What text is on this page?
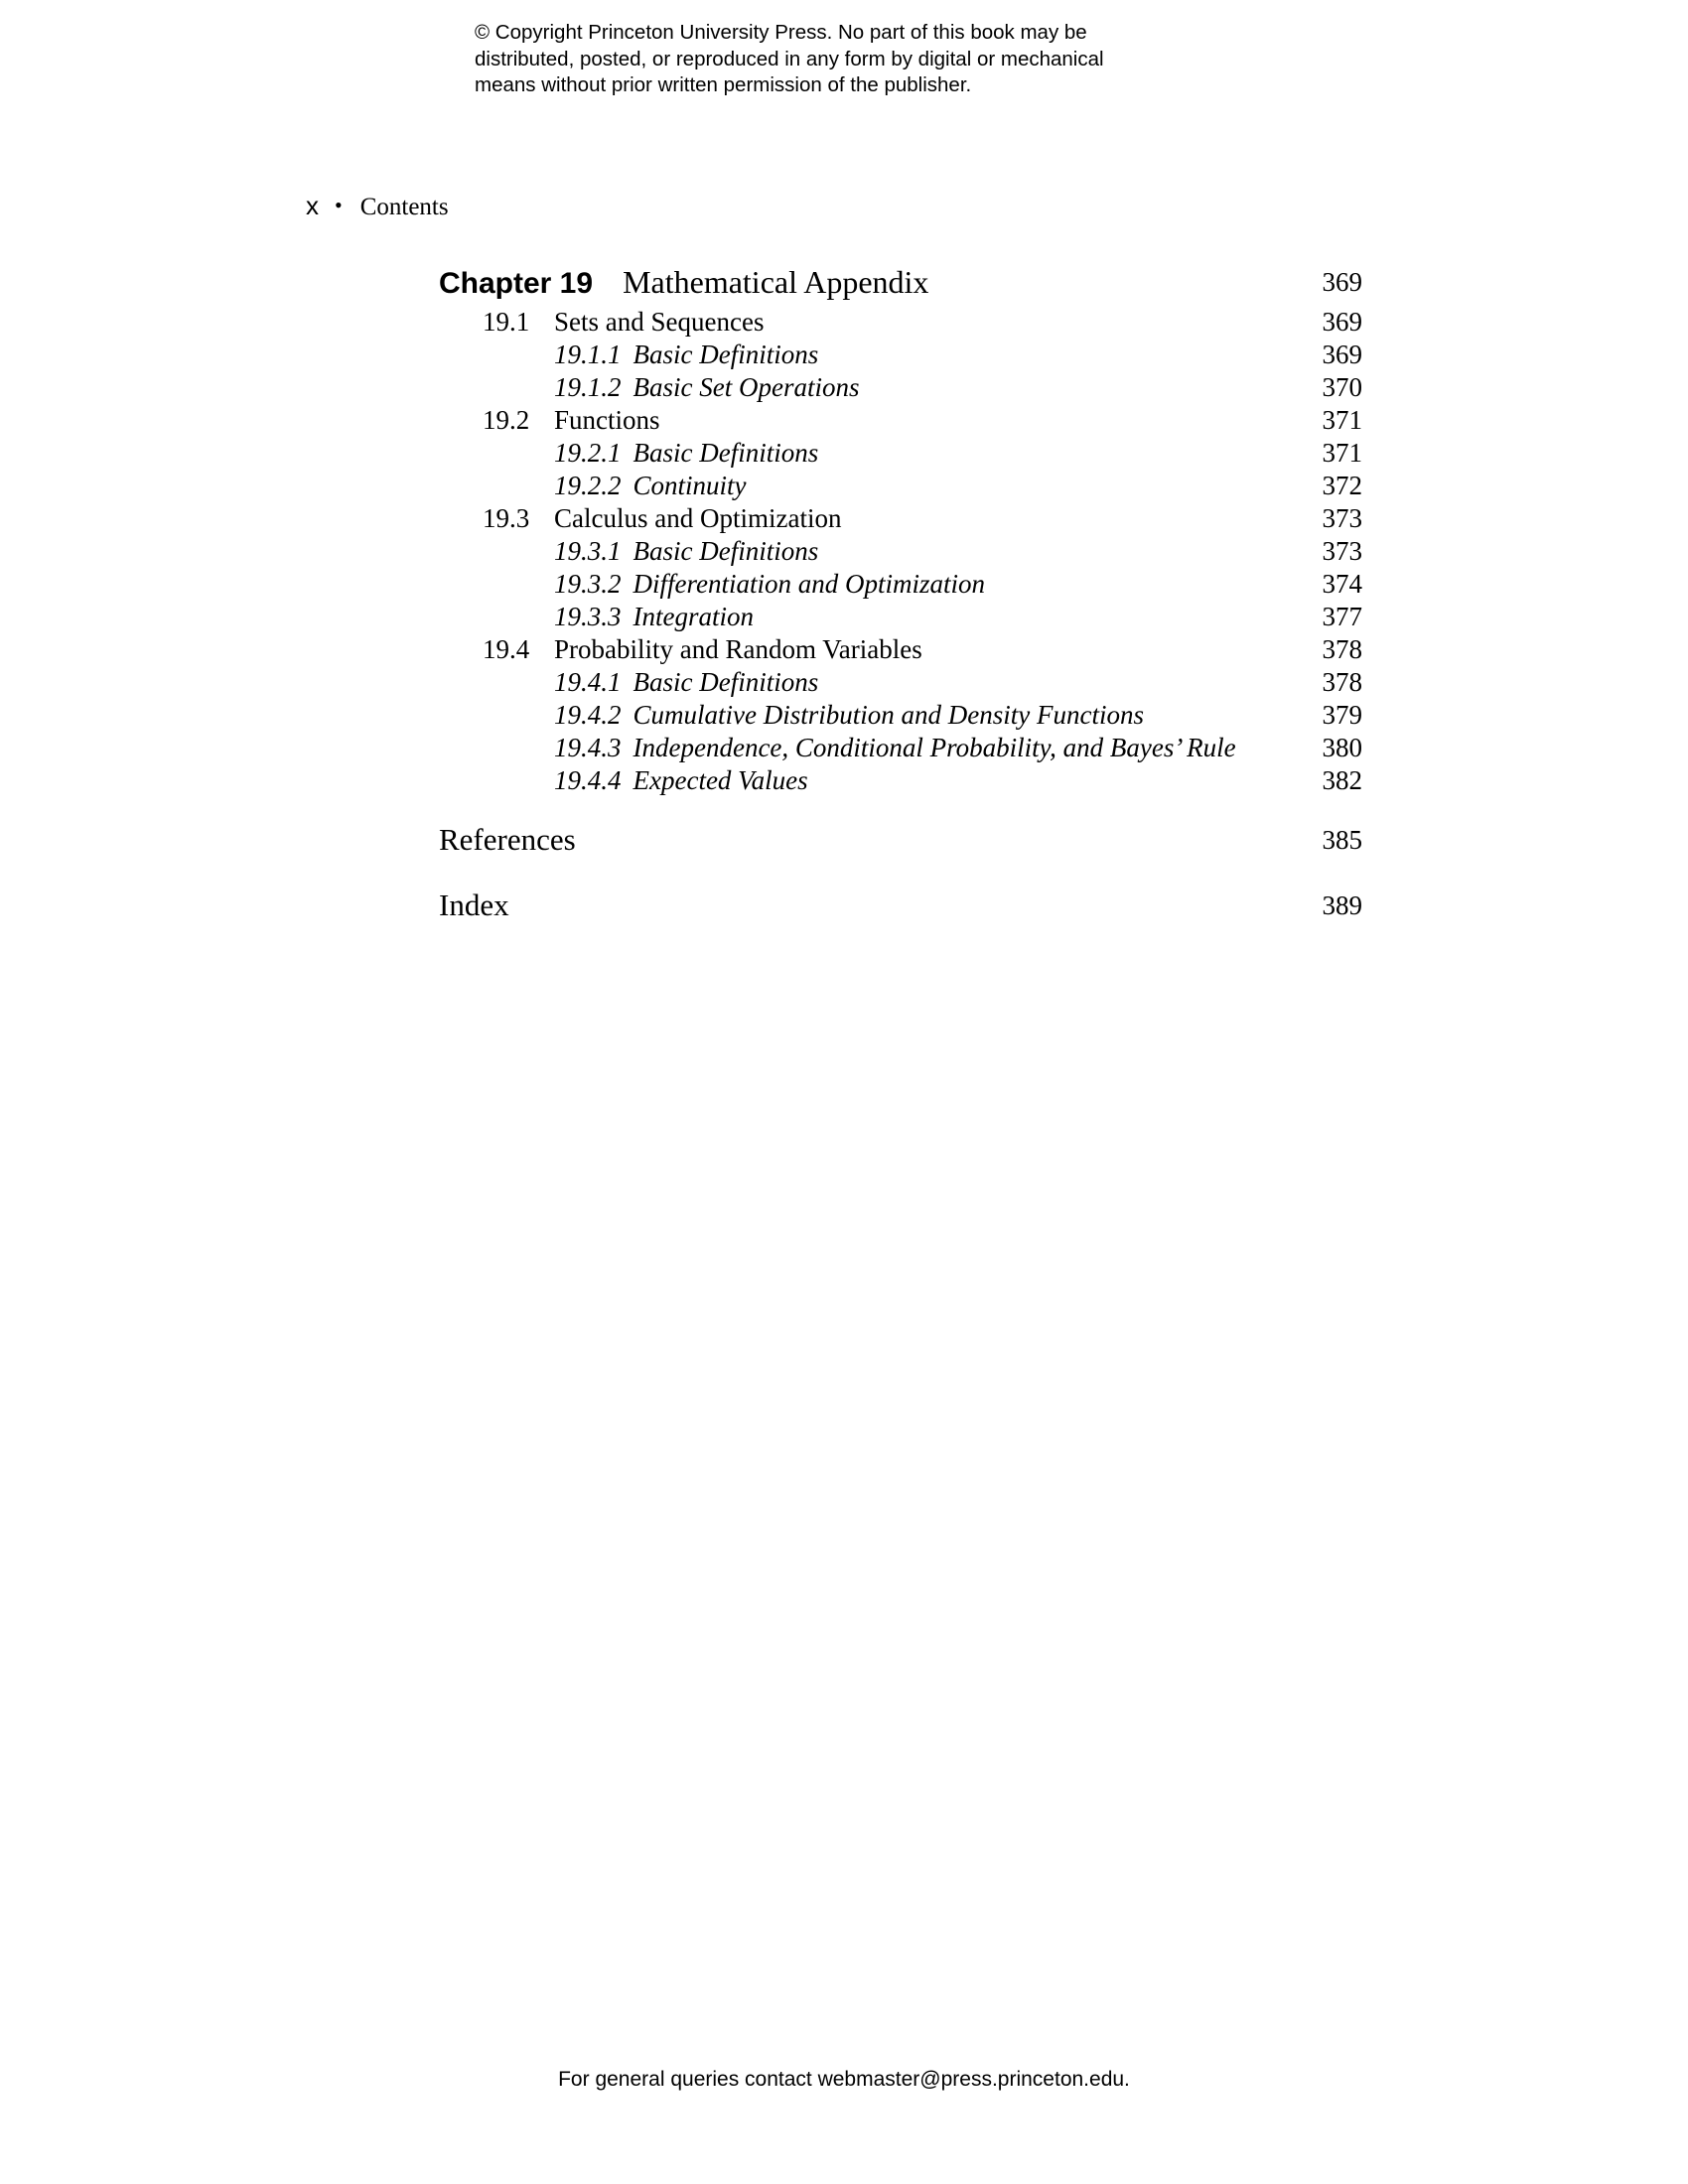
© Copyright Princeton University Press. No part of this book may be
distributed, posted, or reproduced in any form by digital or mechanical
means without prior written permission of the publisher.
x • Contents
Chapter 19 Mathematical Appendix	369
19.1 Sets and Sequences	369
19.1.1 Basic Definitions	369
19.1.2 Basic Set Operations	370
19.2 Functions	371
19.2.1 Basic Definitions	371
19.2.2 Continuity	372
19.3 Calculus and Optimization	373
19.3.1 Basic Definitions	373
19.3.2 Differentiation and Optimization	374
19.3.3 Integration	377
19.4 Probability and Random Variables	378
19.4.1 Basic Definitions	378
19.4.2 Cumulative Distribution and Density Functions	379
19.4.3 Independence, Conditional Probability, and Bayes’ Rule	380
19.4.4 Expected Values	382
References	385
Index	389
For general queries contact webmaster@press.princeton.edu.
